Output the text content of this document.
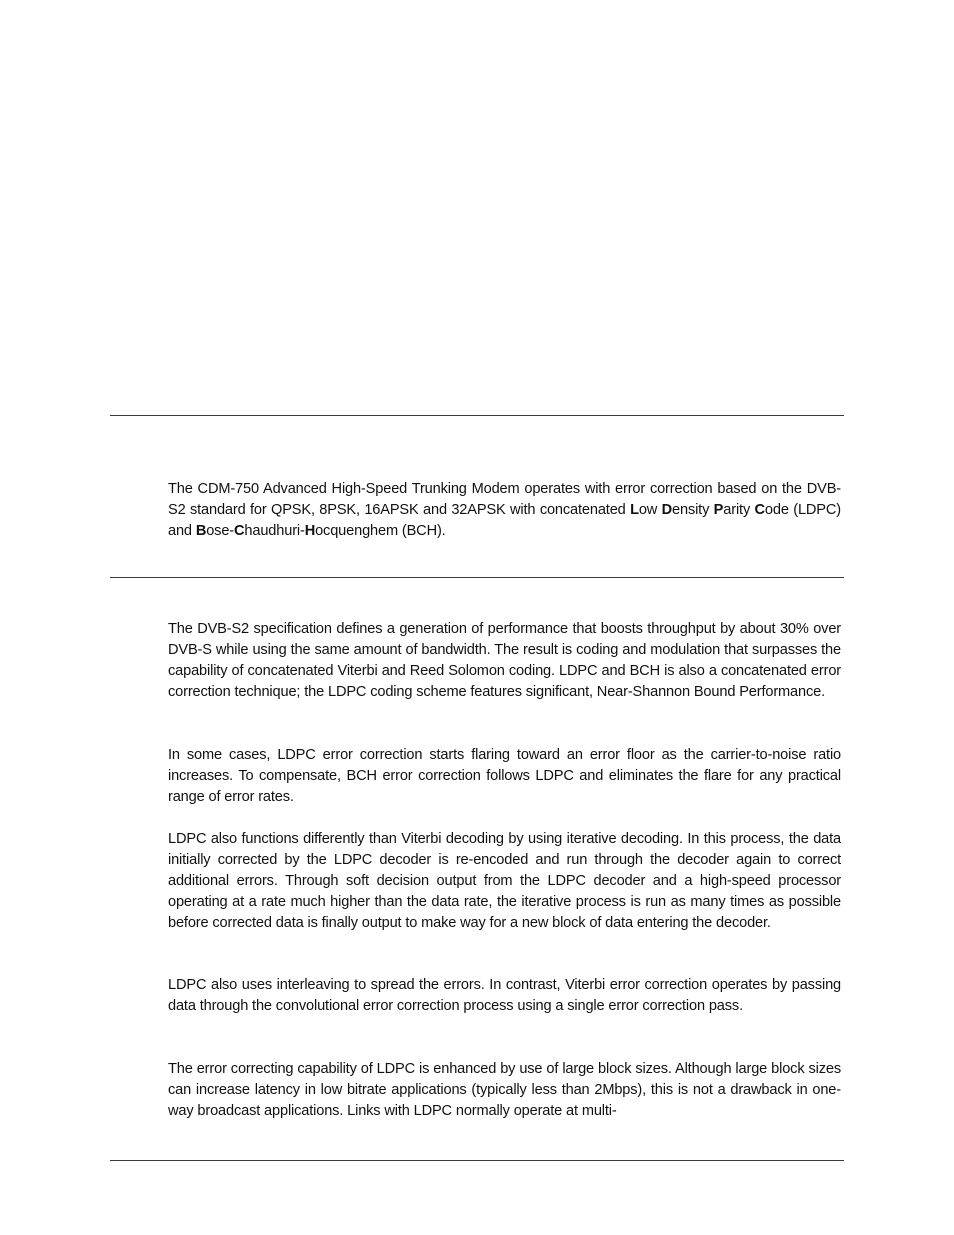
The CDM-750 Advanced High-Speed Trunking Modem operates with error correction based on the DVB-S2 standard for QPSK, 8PSK, 16APSK and 32APSK with concatenated Low Density Parity Code (LDPC) and Bose-Chaudhuri-Hocquenghem (BCH).

The DVB-S2 specification defines a generation of performance that boosts throughput by about 30% over DVB-S while using the same amount of bandwidth. The result is coding and modulation that surpasses the capability of concatenated Viterbi and Reed Solomon coding. LDPC and BCH is also a concatenated error correction technique; the LDPC coding scheme features significant, Near-Shannon Bound Performance.

In some cases, LDPC error correction starts flaring toward an error floor as the carrier-to-noise ratio increases. To compensate, BCH error correction follows LDPC and eliminates the flare for any practical range of error rates.

LDPC also functions differently than Viterbi decoding by using iterative decoding. In this process, the data initially corrected by the LDPC decoder is re-encoded and run through the decoder again to correct additional errors. Through soft decision output from the LDPC decoder and a high-speed processor operating at a rate much higher than the data rate, the iterative process is run as many times as possible before corrected data is finally output to make way for a new block of data entering the decoder.

LDPC also uses interleaving to spread the errors. In contrast, Viterbi error correction operates by passing data through the convolutional error correction process using a single error correction pass.

The error correcting capability of LDPC is enhanced by use of large block sizes. Although large block sizes can increase latency in low bitrate applications (typically less than 2Mbps), this is not a drawback in one-way broadcast applications. Links with LDPC normally operate at multi-
